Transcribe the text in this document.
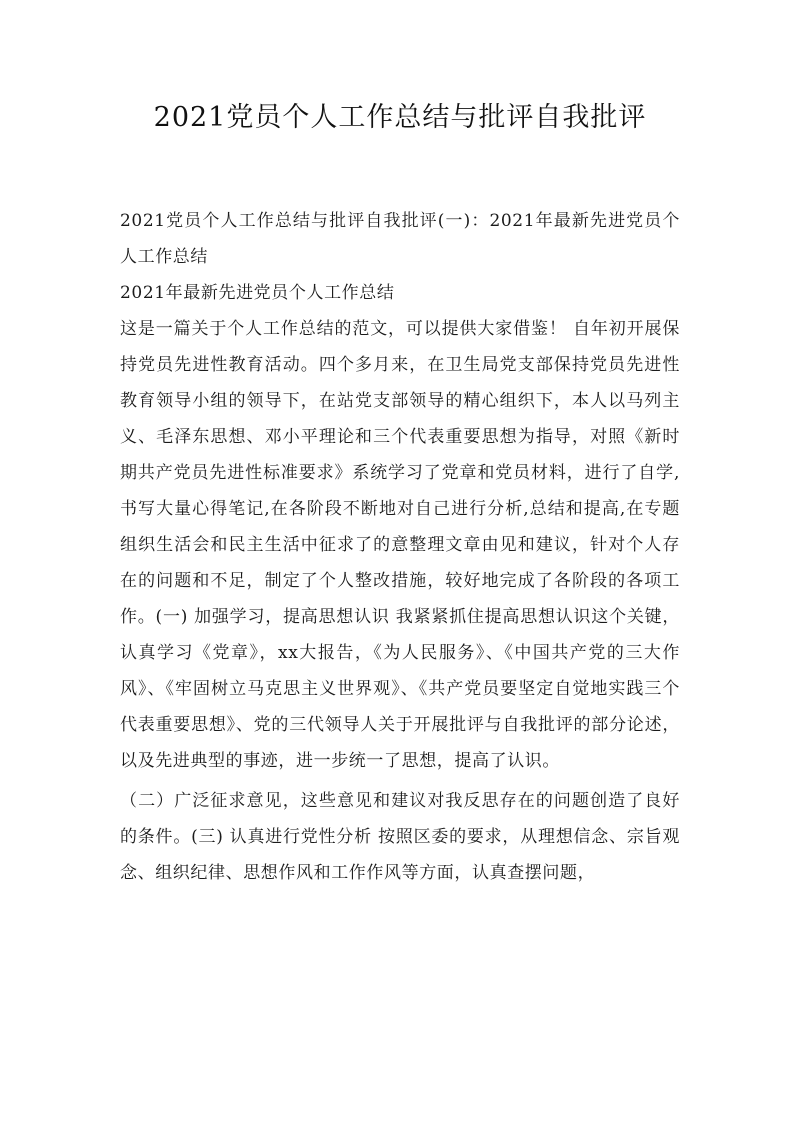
2021党员个人工作总结与批评自我批评

2021党员个人工作总结与批评自我批评(一)：2021年最新先进党员个人工作总结

2021年最新先进党员个人工作总结

这是一篇关于个人工作总结的范文，可以提供大家借鉴！ 自年初开展保持党员先进性教育活动。四个多月来，在卫生局党支部保持党员先进性教育领导小组的领导下，在站党支部领导的精心组织下，本人以马列主义、毛泽东思想、邓小平理论和三个代表重要思想为指导，对照《新时期共产党员先进性标准要求》系统学习了党章和党员材料，进行了自学,书写大量心得笔记,在各阶段不断地对自己进行分析,总结和提高,在专题组织生活会和民主生活中征求了的意整理文章由见和建议，针对个人存在的问题和不足，制定了个人整改措施，较好地完成了各阶段的各项工作。(一) 加强学习，提高思想认识 我紧紧抓住提高思想认识这个关键，认真学习《党章》，xx大报告，《为人民服务》、《中国共产党的三大作风》、《牢固树立马克思主义世界观》、《共产党员要坚定自觉地实践三个代表重要思想》、党的三代领导人关于开展批评与自我批评的部分论述，以及先进典型的事迹，进一步统一了思想，提高了认识。

（二）广泛征求意见，这些意见和建议对我反思存在的问题创造了良好的条件。(三) 认真进行党性分析 按照区委的要求，从理想信念、宗旨观念、组织纪律、思想作风和工作作风等方面，认真查摆问题，
